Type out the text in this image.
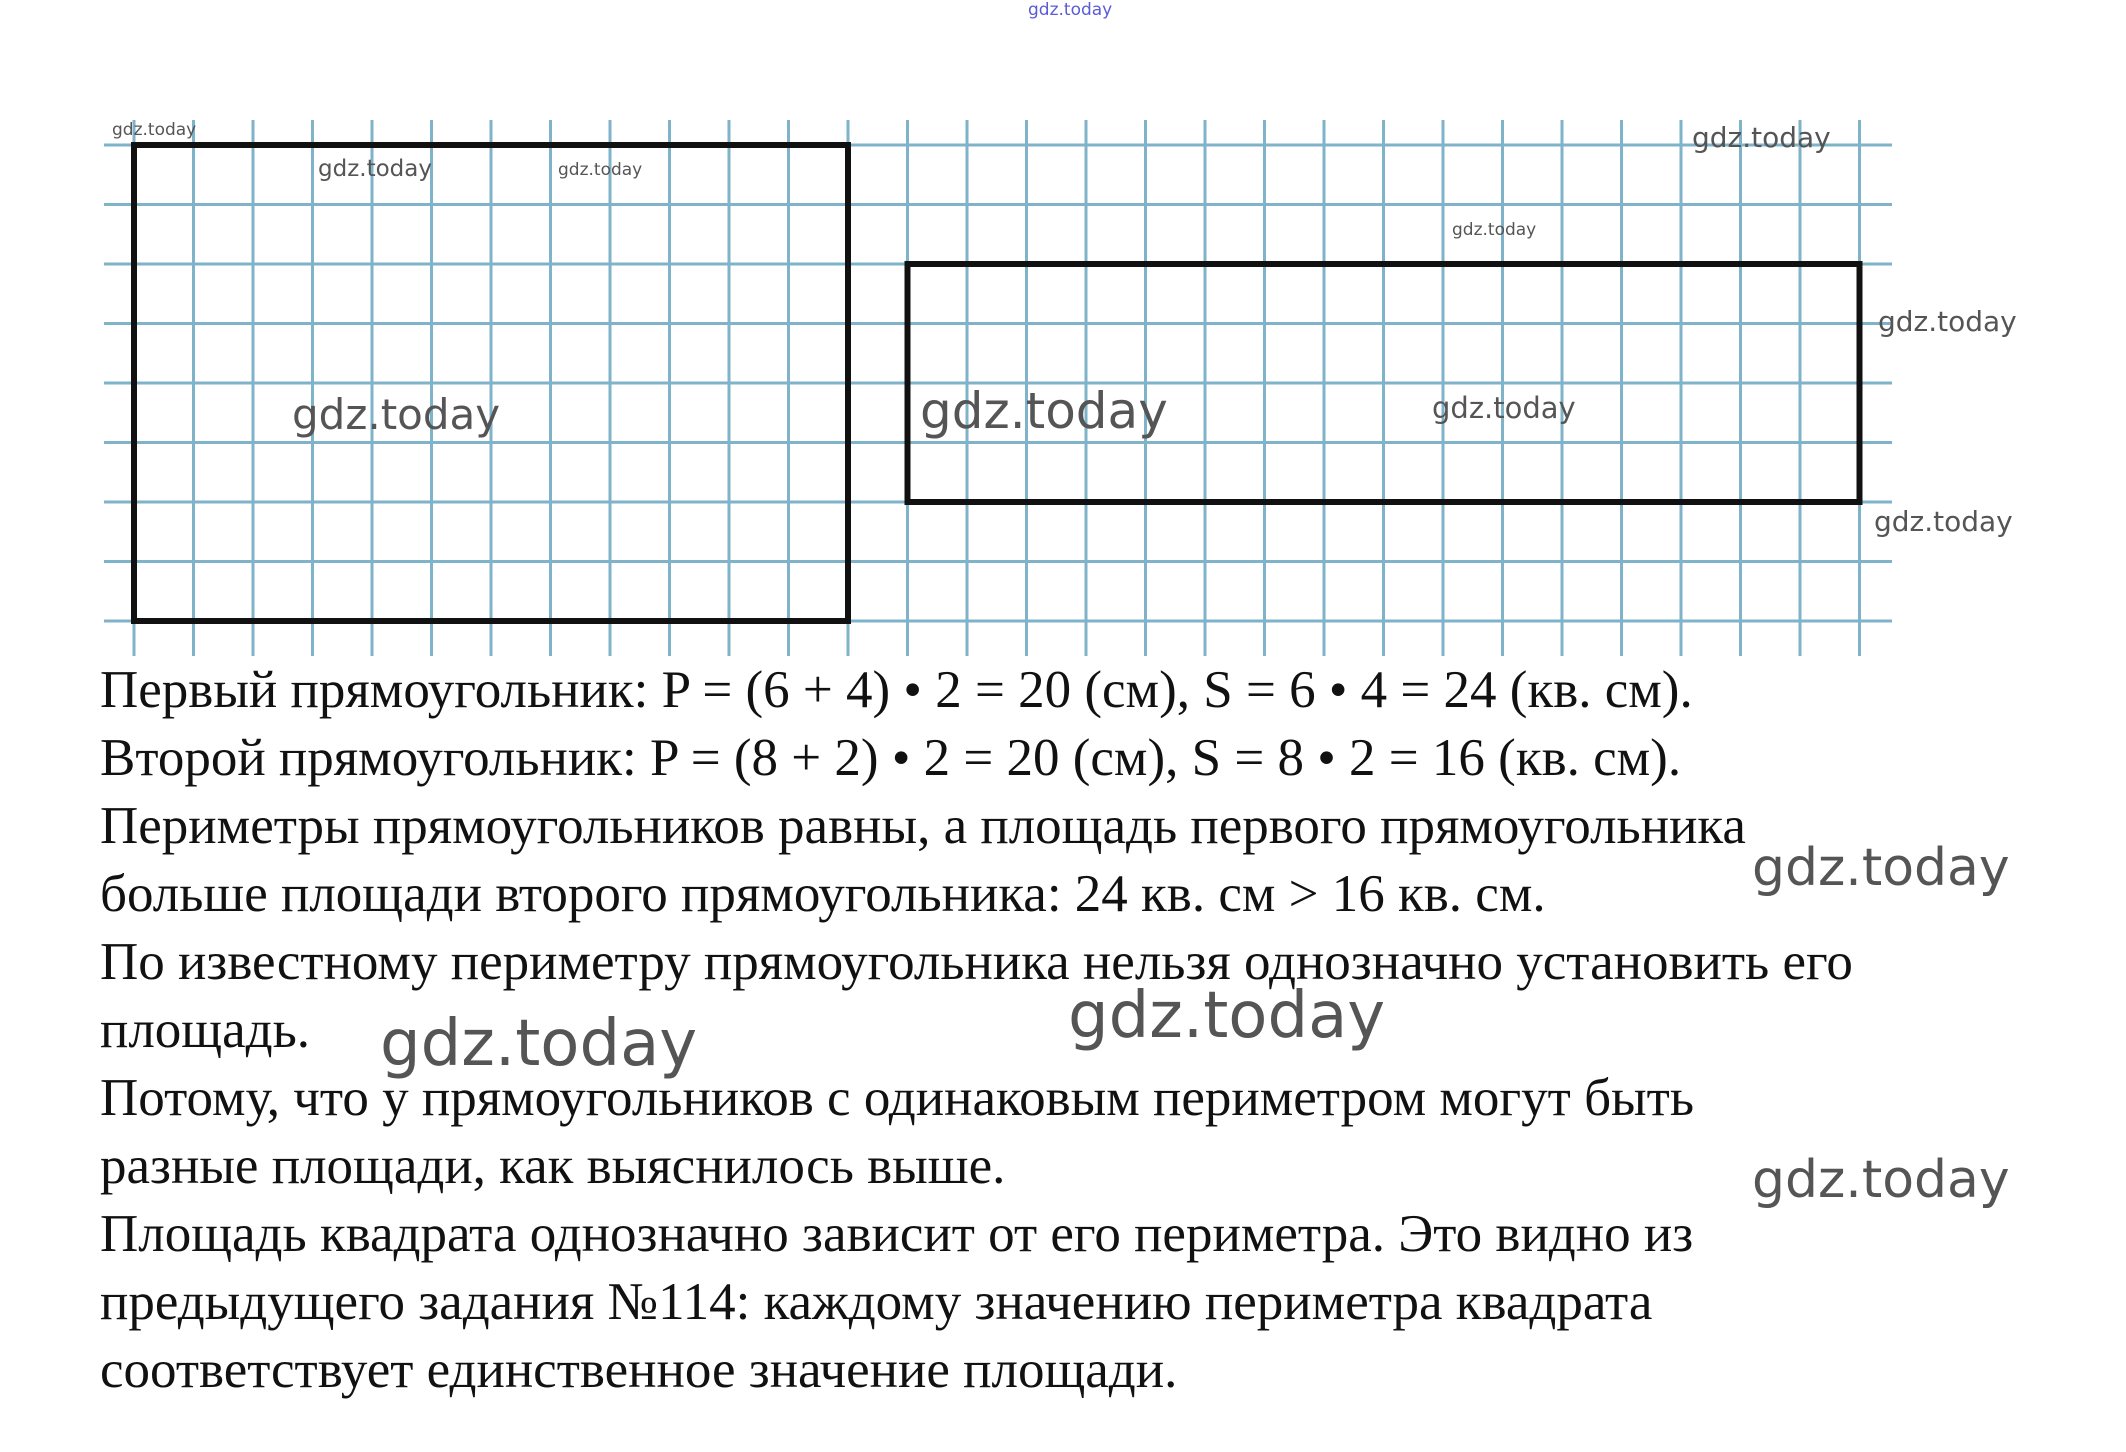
gdz.today
gdz.today
gdz.today	gdz.today
gdz.today
gdz.today
gdz.today
gdz.today	gdz.today	gdz.today
gdz.today
Первый прямоугольник: P = (6 + 4) • 2 = 20 (см), S = 6 • 4 = 24 (кв. см).
Второй прямоугольник: P = (8 + 2) • 2 = 20 (см), S = 8 • 2 = 16 (кв. см).
Периметры прямоугольников равны, а площадь первого прямоугольника
больше площади второго прямоугольника: 24 кв. см > 16 кв. см.
По известному периметру прямоугольника нельзя однозначно установить его
площадь.
Потому, что у прямоугольников с одинаковым периметром могут быть
разные площади, как выяснилось выше.
Площадь квадрата однозначно зависит от его периметра. Это видно из
предыдущего задания №114: каждому значению периметра квадрата
соответствует единственное значение площади.
gdz.today
gdz.today
gdz.today
gdz.today
